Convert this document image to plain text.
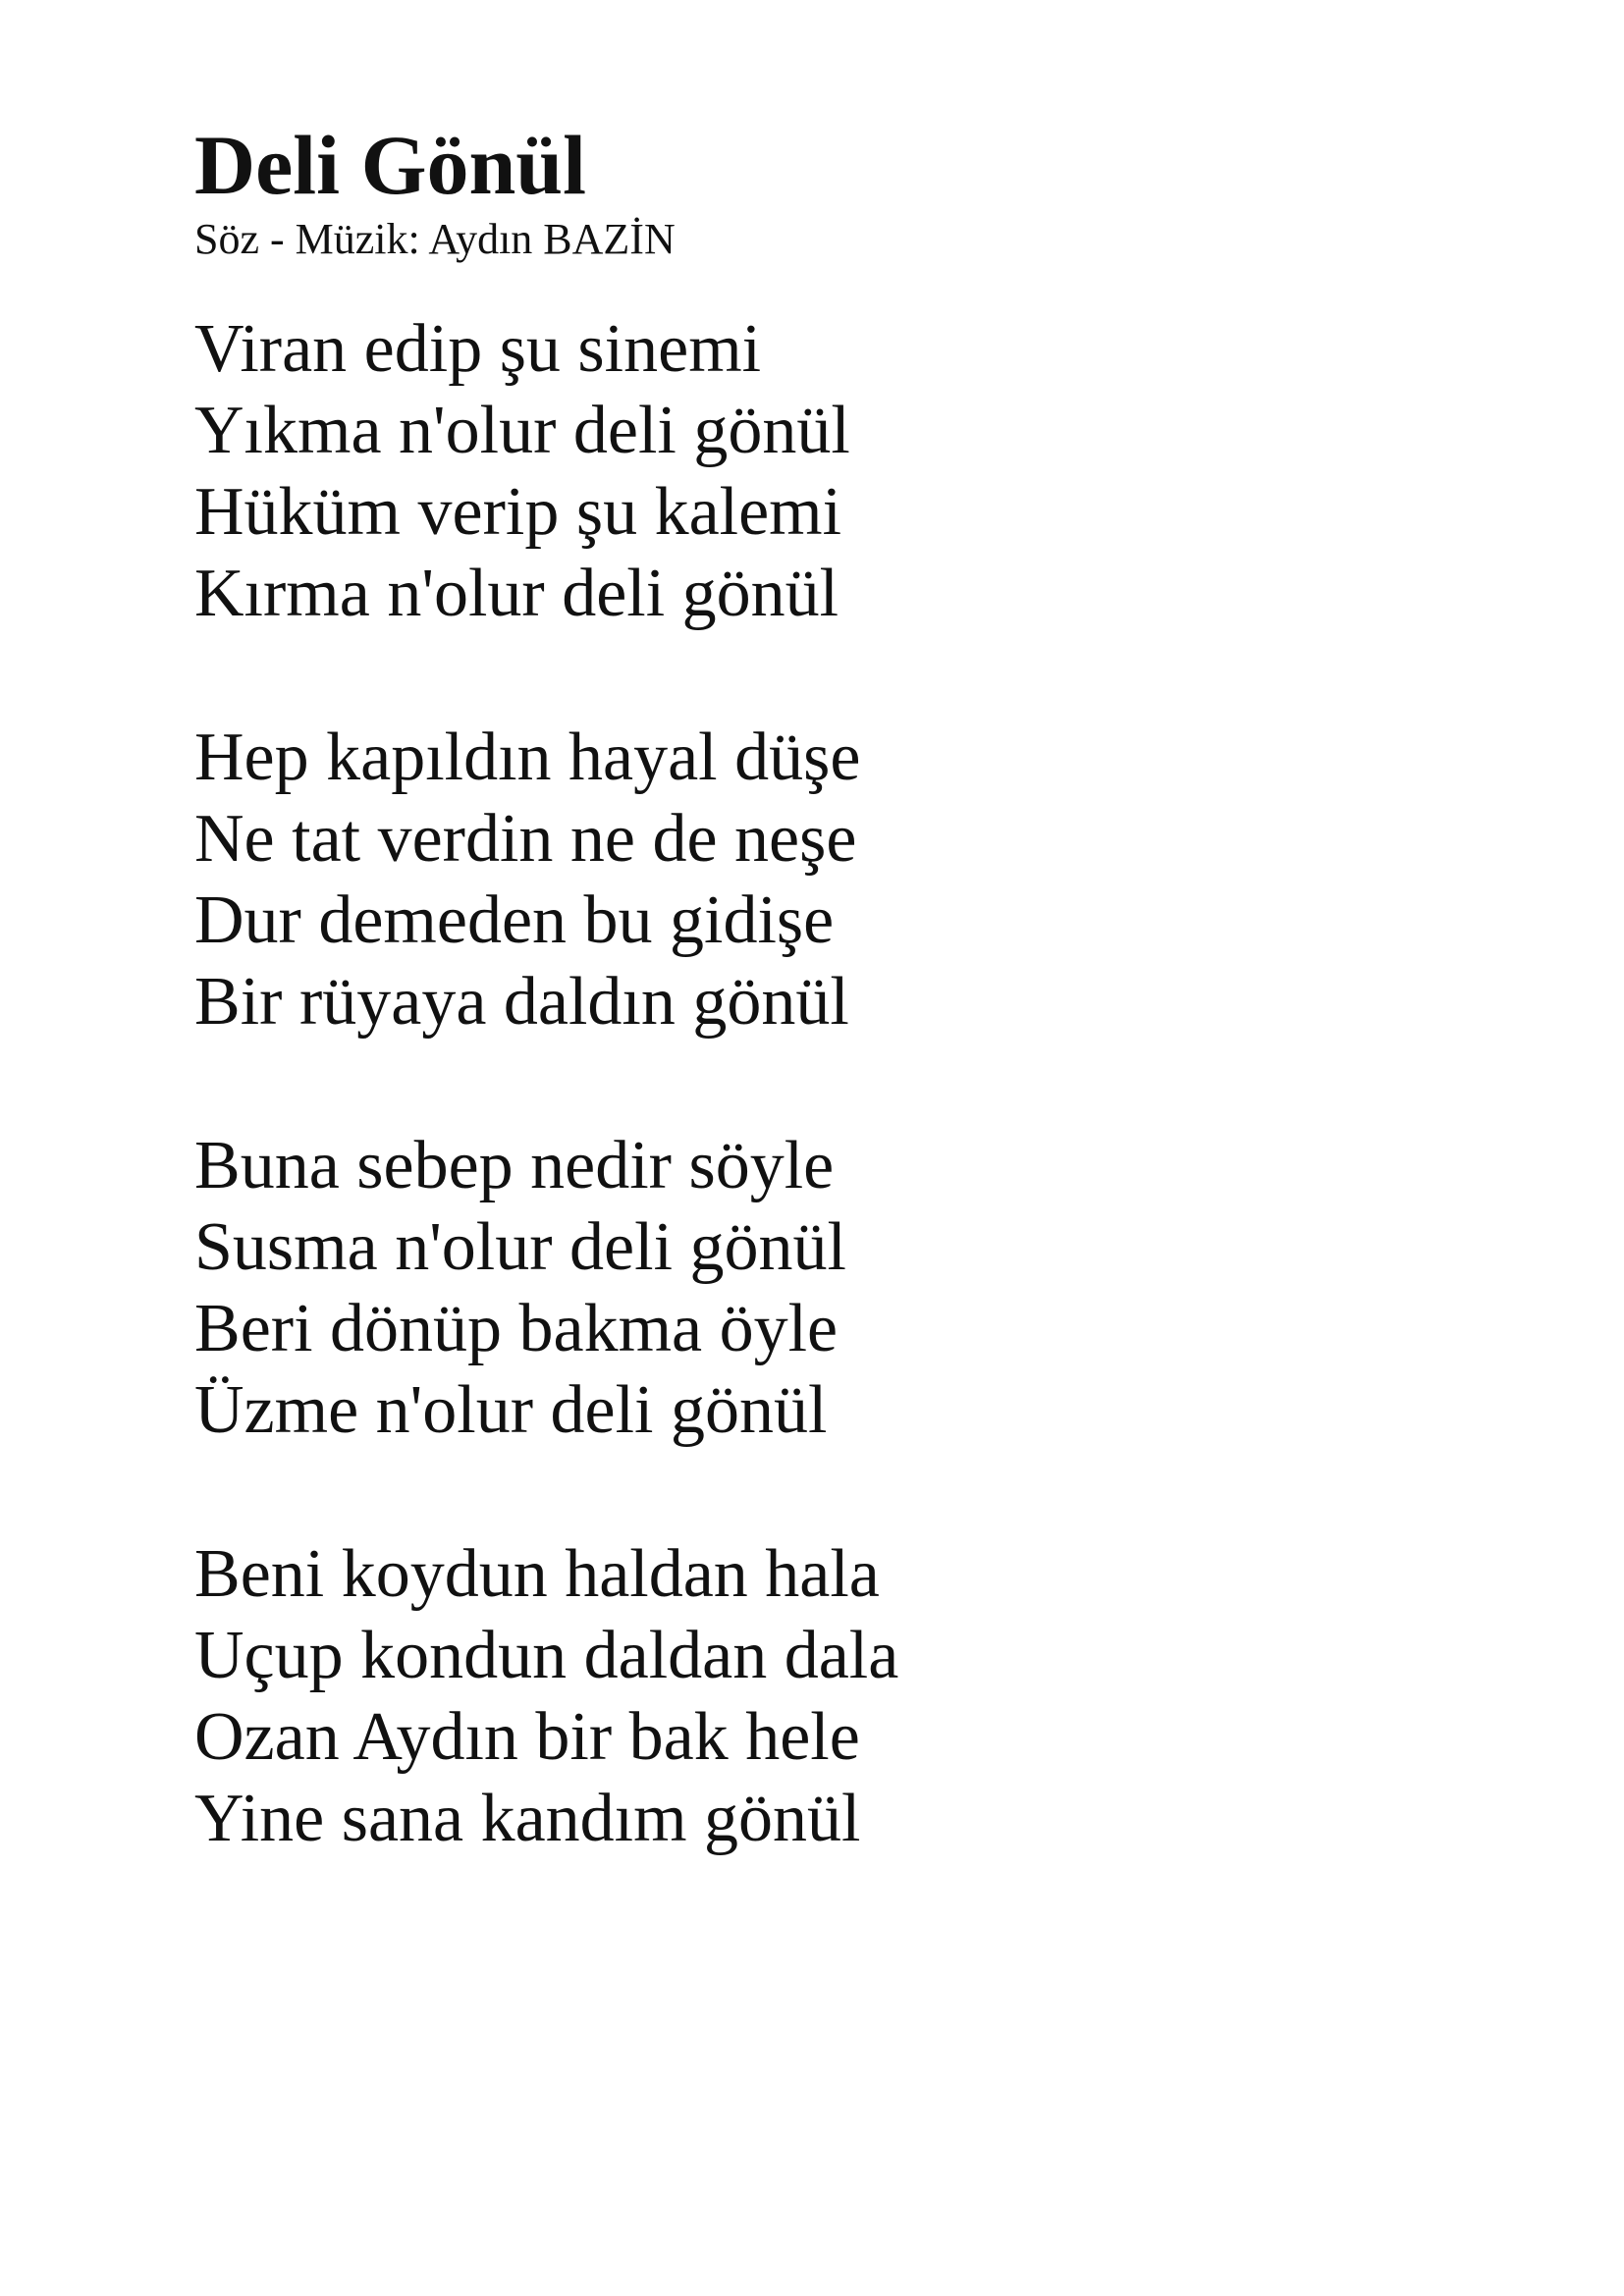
Deli Gönül

Söz - Müzik: Aydın BAZİN

Viran edip şu sinemi
Yıkma n'olur deli gönül
Hüküm verip şu kalemi
Kırma n'olur deli gönül
Hep kapıldın hayal düşe
Ne tat verdin ne de neşe
Dur demeden bu gidişe
Bir rüyaya daldın gönül
Buna sebep nedir söyle
Susma n'olur deli gönül
Beri dönüp bakma öyle
Üzme n'olur deli gönül
Beni koydun haldan hala
Uçup kondun daldan dala
Ozan Aydın bir bak hele
Yine sana kandım gönül
